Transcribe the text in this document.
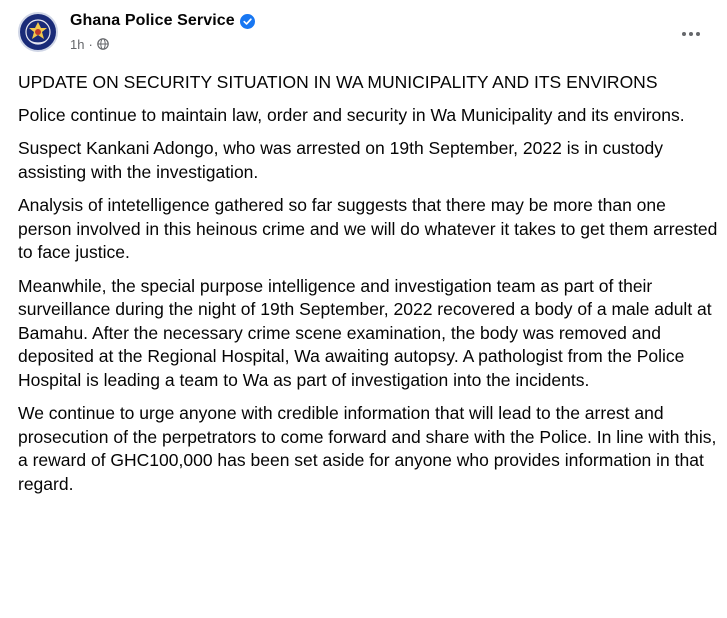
Ghana Police Service
1h ·

UPDATE ON SECURITY SITUATION IN WA MUNICIPALITY AND ITS ENVIRONS

Police continue to maintain law, order and security in Wa Municipality and its environs.

Suspect Kankani Adongo, who was arrested on 19th September, 2022 is in custody assisting with the investigation.

Analysis of intetelligence gathered so far suggests that there may be more than one person involved in this heinous crime and we will do whatever it takes to get them arrested to face justice.

Meanwhile, the special purpose intelligence and investigation team as part of their surveillance during the night of 19th September, 2022 recovered a body of a male adult at Bamahu. After the necessary crime scene examination, the body was removed and deposited at the Regional Hospital, Wa awaiting autopsy. A pathologist from the Police Hospital is leading a team to Wa as part of investigation into the incidents.

We continue to urge anyone with credible information that will lead to the arrest and prosecution of the perpetrators to come forward and share with the Police. In line with this, a reward of GHC100,000 has been set aside for anyone who provides information in that regard.
